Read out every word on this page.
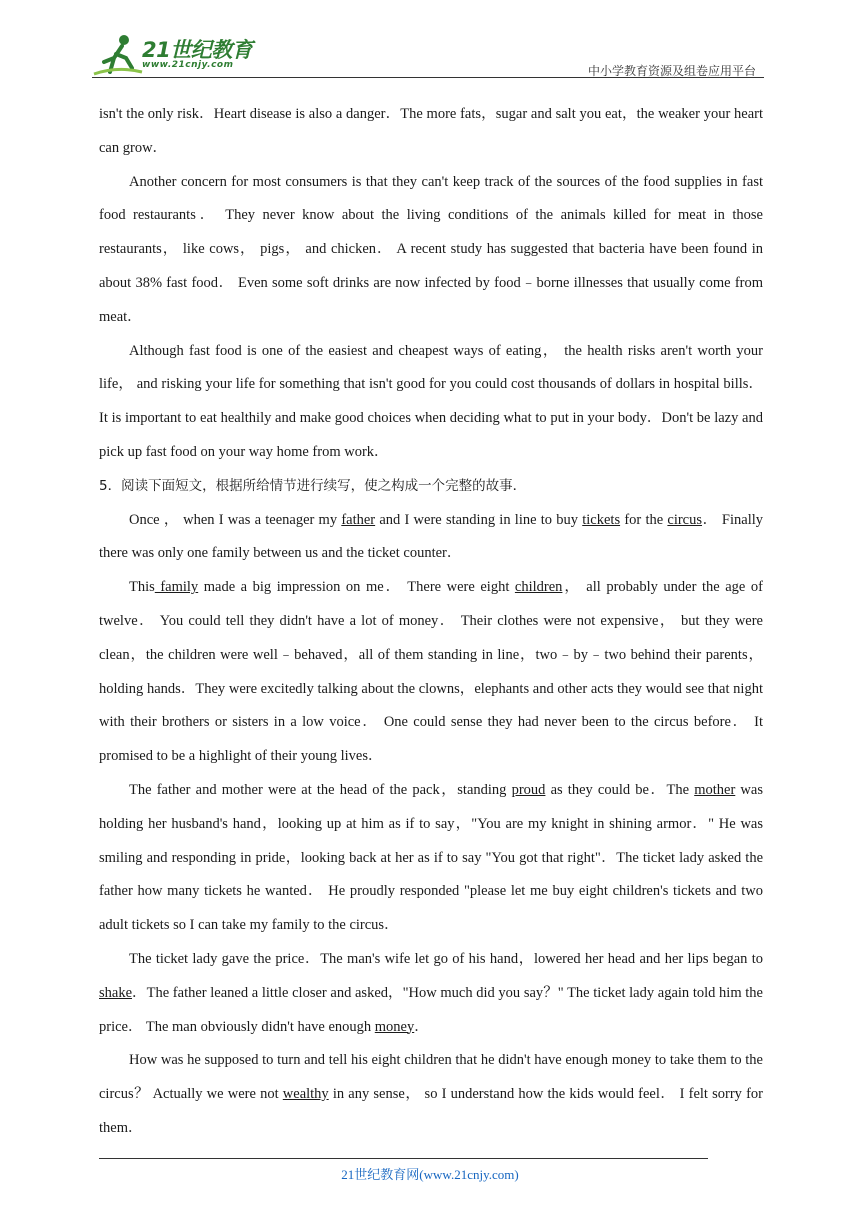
21世纪教育
www.21cnjy.com	中小学教育资源及组卷应用平台

isn't the only risk．Heart disease is also a danger．The more fats，sugar and salt you eat，the weaker your heart can grow．

Another concern for most consumers is that they can't keep track of the sources of the food supplies in fast food restaurants． They never know about the living conditions of the animals killed for meat in those restaurants， like cows， pigs， and chicken． A recent study has suggested that bacteria have been found in about 38% fast food． Even some soft drinks are now infected by food﹣borne illnesses that usually come from meat．

Although fast food is one of the easiest and cheapest ways of eating， the health risks aren't worth your life， and risking your life for something that isn't good for you could cost thousands of dollars in hospital bills．It is important to eat healthily and make good choices when deciding what to put in your body．Don't be lazy and pick up fast food on your way home from work．

5．阅读下面短文，根据所给情节进行续写，使之构成一个完整的故事．

Once ， when I was a teenager my father and I were standing in line to buy tickets for the circus． Finally there was only one family between us and the ticket counter．

This family made a big impression on me． There were eight children， all probably under the age of twelve． You could tell they didn't have a lot of money． Their clothes were not expensive， but they were clean，the children were well﹣behaved，all of them standing in line，two﹣by﹣two behind their parents，holding hands．They were excitedly talking about the clowns，elephants and other acts they would see that night with their brothers or sisters in a low voice． One could sense they had never been to the circus before． It promised to be a highlight of their young lives．

The father and mother were at the head of the pack，standing proud as they could be．The mother was holding her husband's hand，looking up at him as if to say，"You are my knight in shining armor．" He was smiling and responding in pride，looking back at her as if to say "You got that right"．The ticket lady asked the father how many tickets he wanted． He proudly responded "please let me buy eight children's tickets and two adult tickets so I can take my family to the circus．

The ticket lady gave the price．The man's wife let go of his hand，lowered her head and her lips began to shake．The father leaned a little closer and asked，"How much did you say？" The ticket lady again told him the price． The man obviously didn't have enough money．

How was he supposed to turn and tell his eight children that he didn't have enough money to take them to the circus？ Actually we were not wealthy in any sense， so I understand how the kids would feel． I felt sorry for them．

21世纪教育网(www.21cnjy.com)
